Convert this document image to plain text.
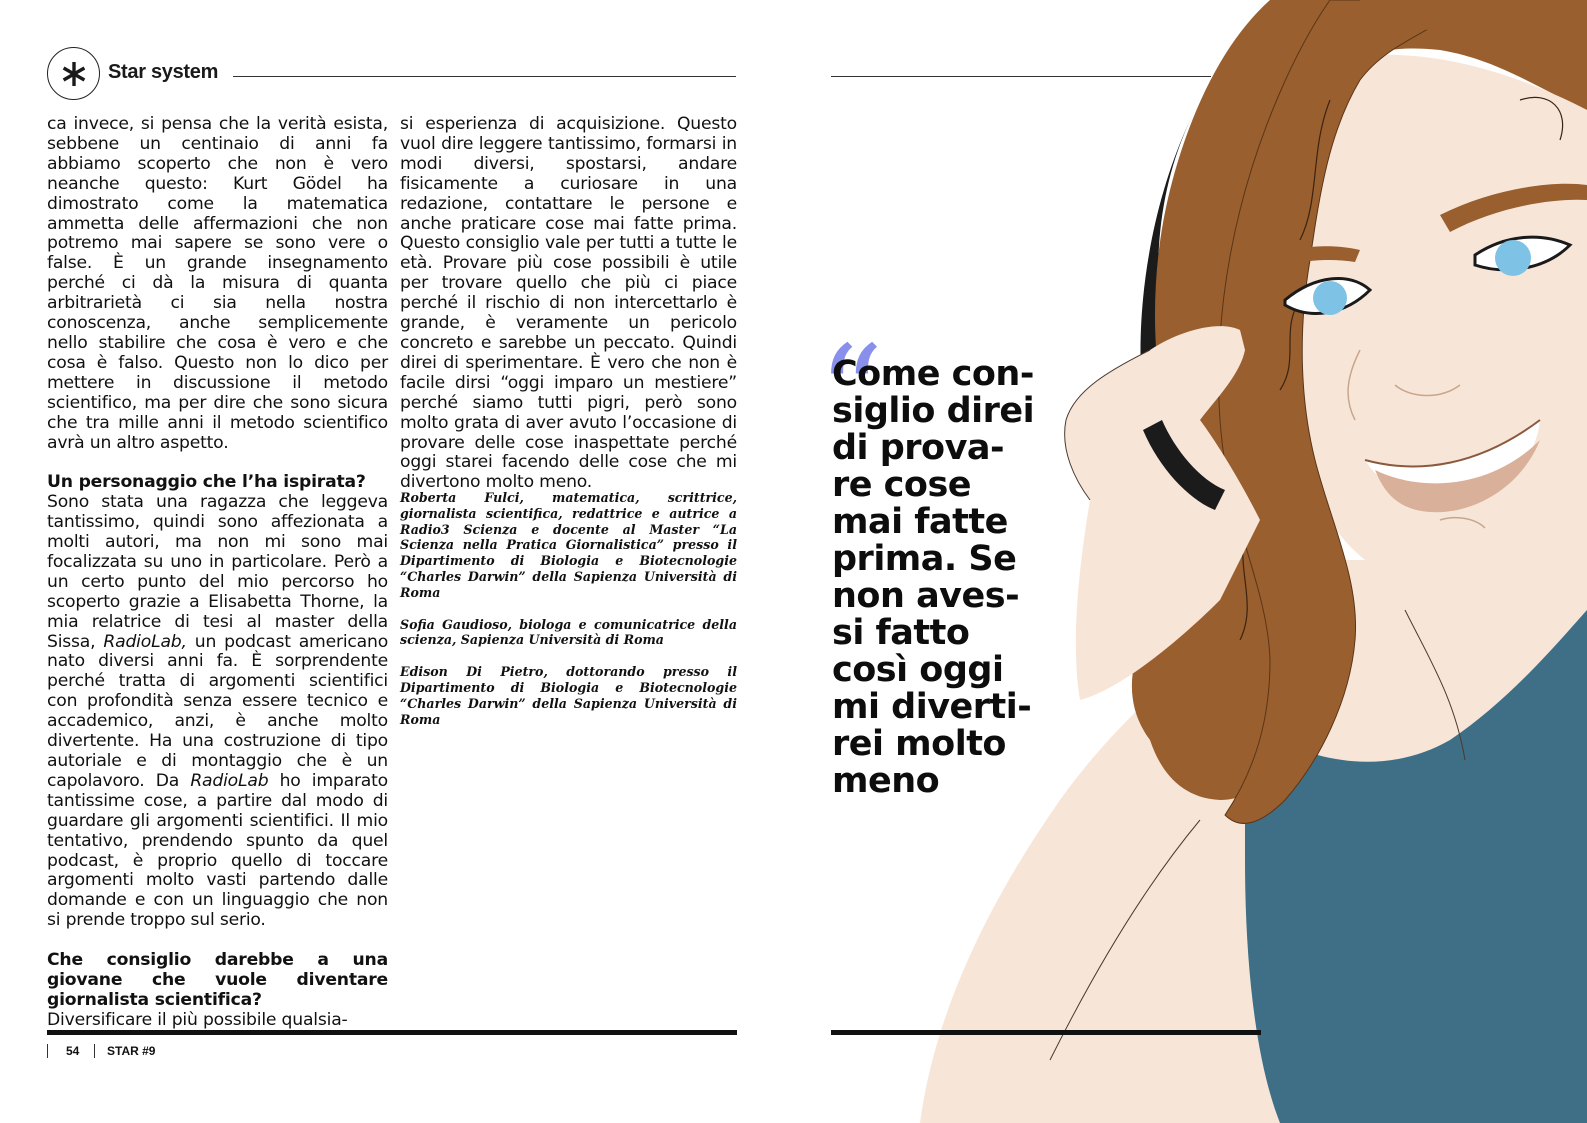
Star system

ca invece, si pensa che la verità esista, sebbene un centinaio di anni fa abbiamo scoperto che non è vero neanche questo: Kurt Gödel ha dimostrato come la matematica ammetta delle affermazioni che non potremo mai sapere se sono vere o false. È un grande insegnamento perché ci dà la misura di quanta arbitrarietà ci sia nella nostra conoscenza, anche semplicemente nello stabilire che cosa è vero e che cosa è falso. Questo non lo dico per mettere in discussione il metodo scientifico, ma per dire che sono sicura che tra mille anni il metodo scientifico avrà un altro aspetto.

Un personaggio che l’ha ispirata?

Sono stata una ragazza che leggeva tantissimo, quindi sono affezionata a molti autori, ma non mi sono mai focalizzata su uno in particolare. Però a un certo punto del mio percorso ho scoperto grazie a Elisabetta Thorne, la mia relatrice di tesi al master della Sissa, RadioLab, un podcast americano nato diversi anni fa. È sorprendente perché tratta di argomenti scientifici con profondità senza essere tecnico e accademico, anzi, è anche molto divertente. Ha una costruzione di tipo autoriale e di montaggio che è un capolavoro. Da RadioLab ho imparato tantissime cose, a partire dal modo di guardare gli argomenti scientifici. Il mio tentativo, prendendo spunto da quel podcast, è proprio quello di toccare argomenti molto vasti partendo dalle domande e con un linguaggio che non si prende troppo sul serio.

Che consiglio darebbe a una giovane che vuole diventare giornalista scientifica?

Diversificare il più possibile qualsia-

si esperienza di acquisizione. Questo vuol dire leggere tantissimo, formarsi in modi diversi, spostarsi, andare fisicamente a curiosare in una redazione, contattare le persone e anche praticare cose mai fatte prima. Questo consiglio vale per tutti a tutte le età. Provare più cose possibili è utile per trovare quello che più ci piace perché il rischio di non intercettarlo è grande, è veramente un pericolo concreto e sarebbe un peccato. Quindi direi di sperimentare. È vero che non è facile dirsi “oggi imparo un mestiere” perché siamo tutti pigri, però sono molto grata di aver avuto l’occasione di provare delle cose inaspettate perché oggi starei facendo delle cose che mi divertono molto meno.

Roberta Fulci, matematica, scrittrice, giornalista scientifica, redattrice e autrice a Radio3 Scienza e docente al Master “La Scienza nella Pratica Giornalistica” presso il Dipartimento di Biologia e Biotecnologie “Charles Darwin” della Sapienza Università di Roma

Sofia Gaudioso, biologa e comunicatrice della scienza, Sapienza Università di Roma

Edison Di Pietro, dottorando presso il Dipartimento di Biologia e Biotecnologie “Charles Darwin” della Sapienza Università di Roma

54 STAR #9
“
Come con-
siglio direi
di prova-
re cose
mai fatte
prima. Se
non aves-
si fatto
così oggi
mi diverti-
rei molto
meno
